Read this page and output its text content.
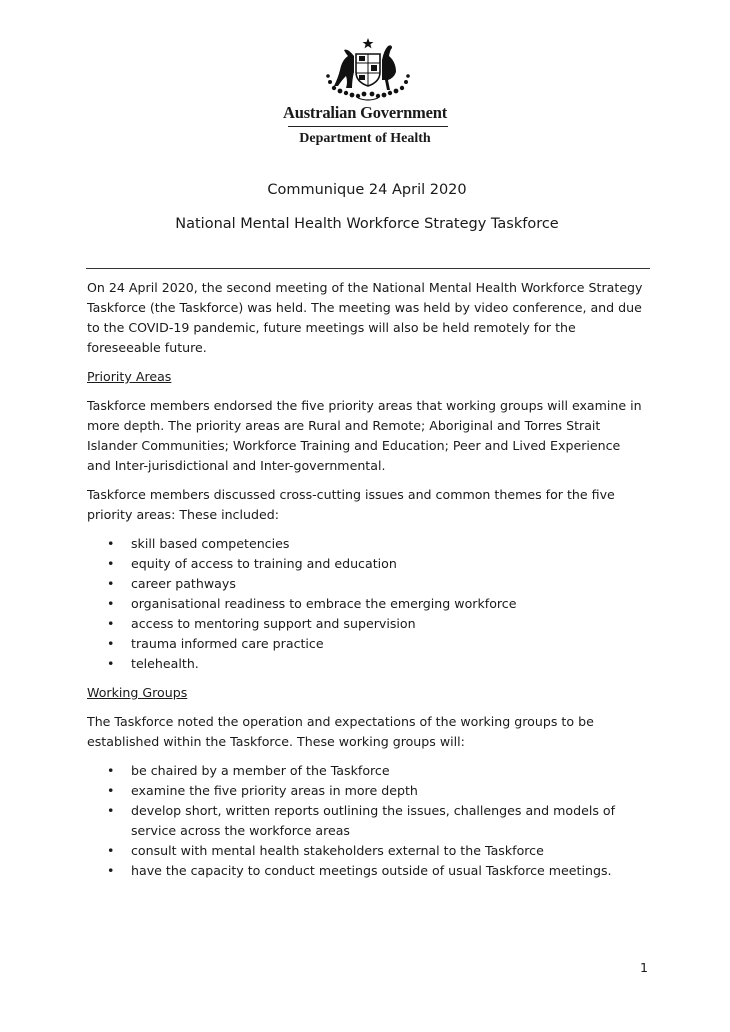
Australian Government
Department of Health
Communique 24 April 2020
National Mental Health Workforce Strategy Taskforce

On 24 April 2020, the second meeting of the National Mental Health Workforce Strategy Taskforce (the Taskforce) was held. The meeting was held by video conference, and due to the COVID-19 pandemic, future meetings will also be held remotely for the foreseeable future.

Priority Areas

Taskforce members endorsed the five priority areas that working groups will examine in more depth. The priority areas are Rural and Remote; Aboriginal and Torres Strait Islander Communities; Workforce Training and Education; Peer and Lived Experience and Inter-jurisdictional and Inter-governmental.

Taskforce members discussed cross-cutting issues and common themes for the five priority areas: These included:

• skill based competencies
• equity of access to training and education
• career pathways
• organisational readiness to embrace the emerging workforce
• access to mentoring support and supervision
• trauma informed care practice
• telehealth.

Working Groups

The Taskforce noted the operation and expectations of the working groups to be established within the Taskforce. These working groups will:

• be chaired by a member of the Taskforce
• examine the five priority areas in more depth
• develop short, written reports outlining the issues, challenges and models of service across the workforce areas
• consult with mental health stakeholders external to the Taskforce
• have the capacity to conduct meetings outside of usual Taskforce meetings.
1
